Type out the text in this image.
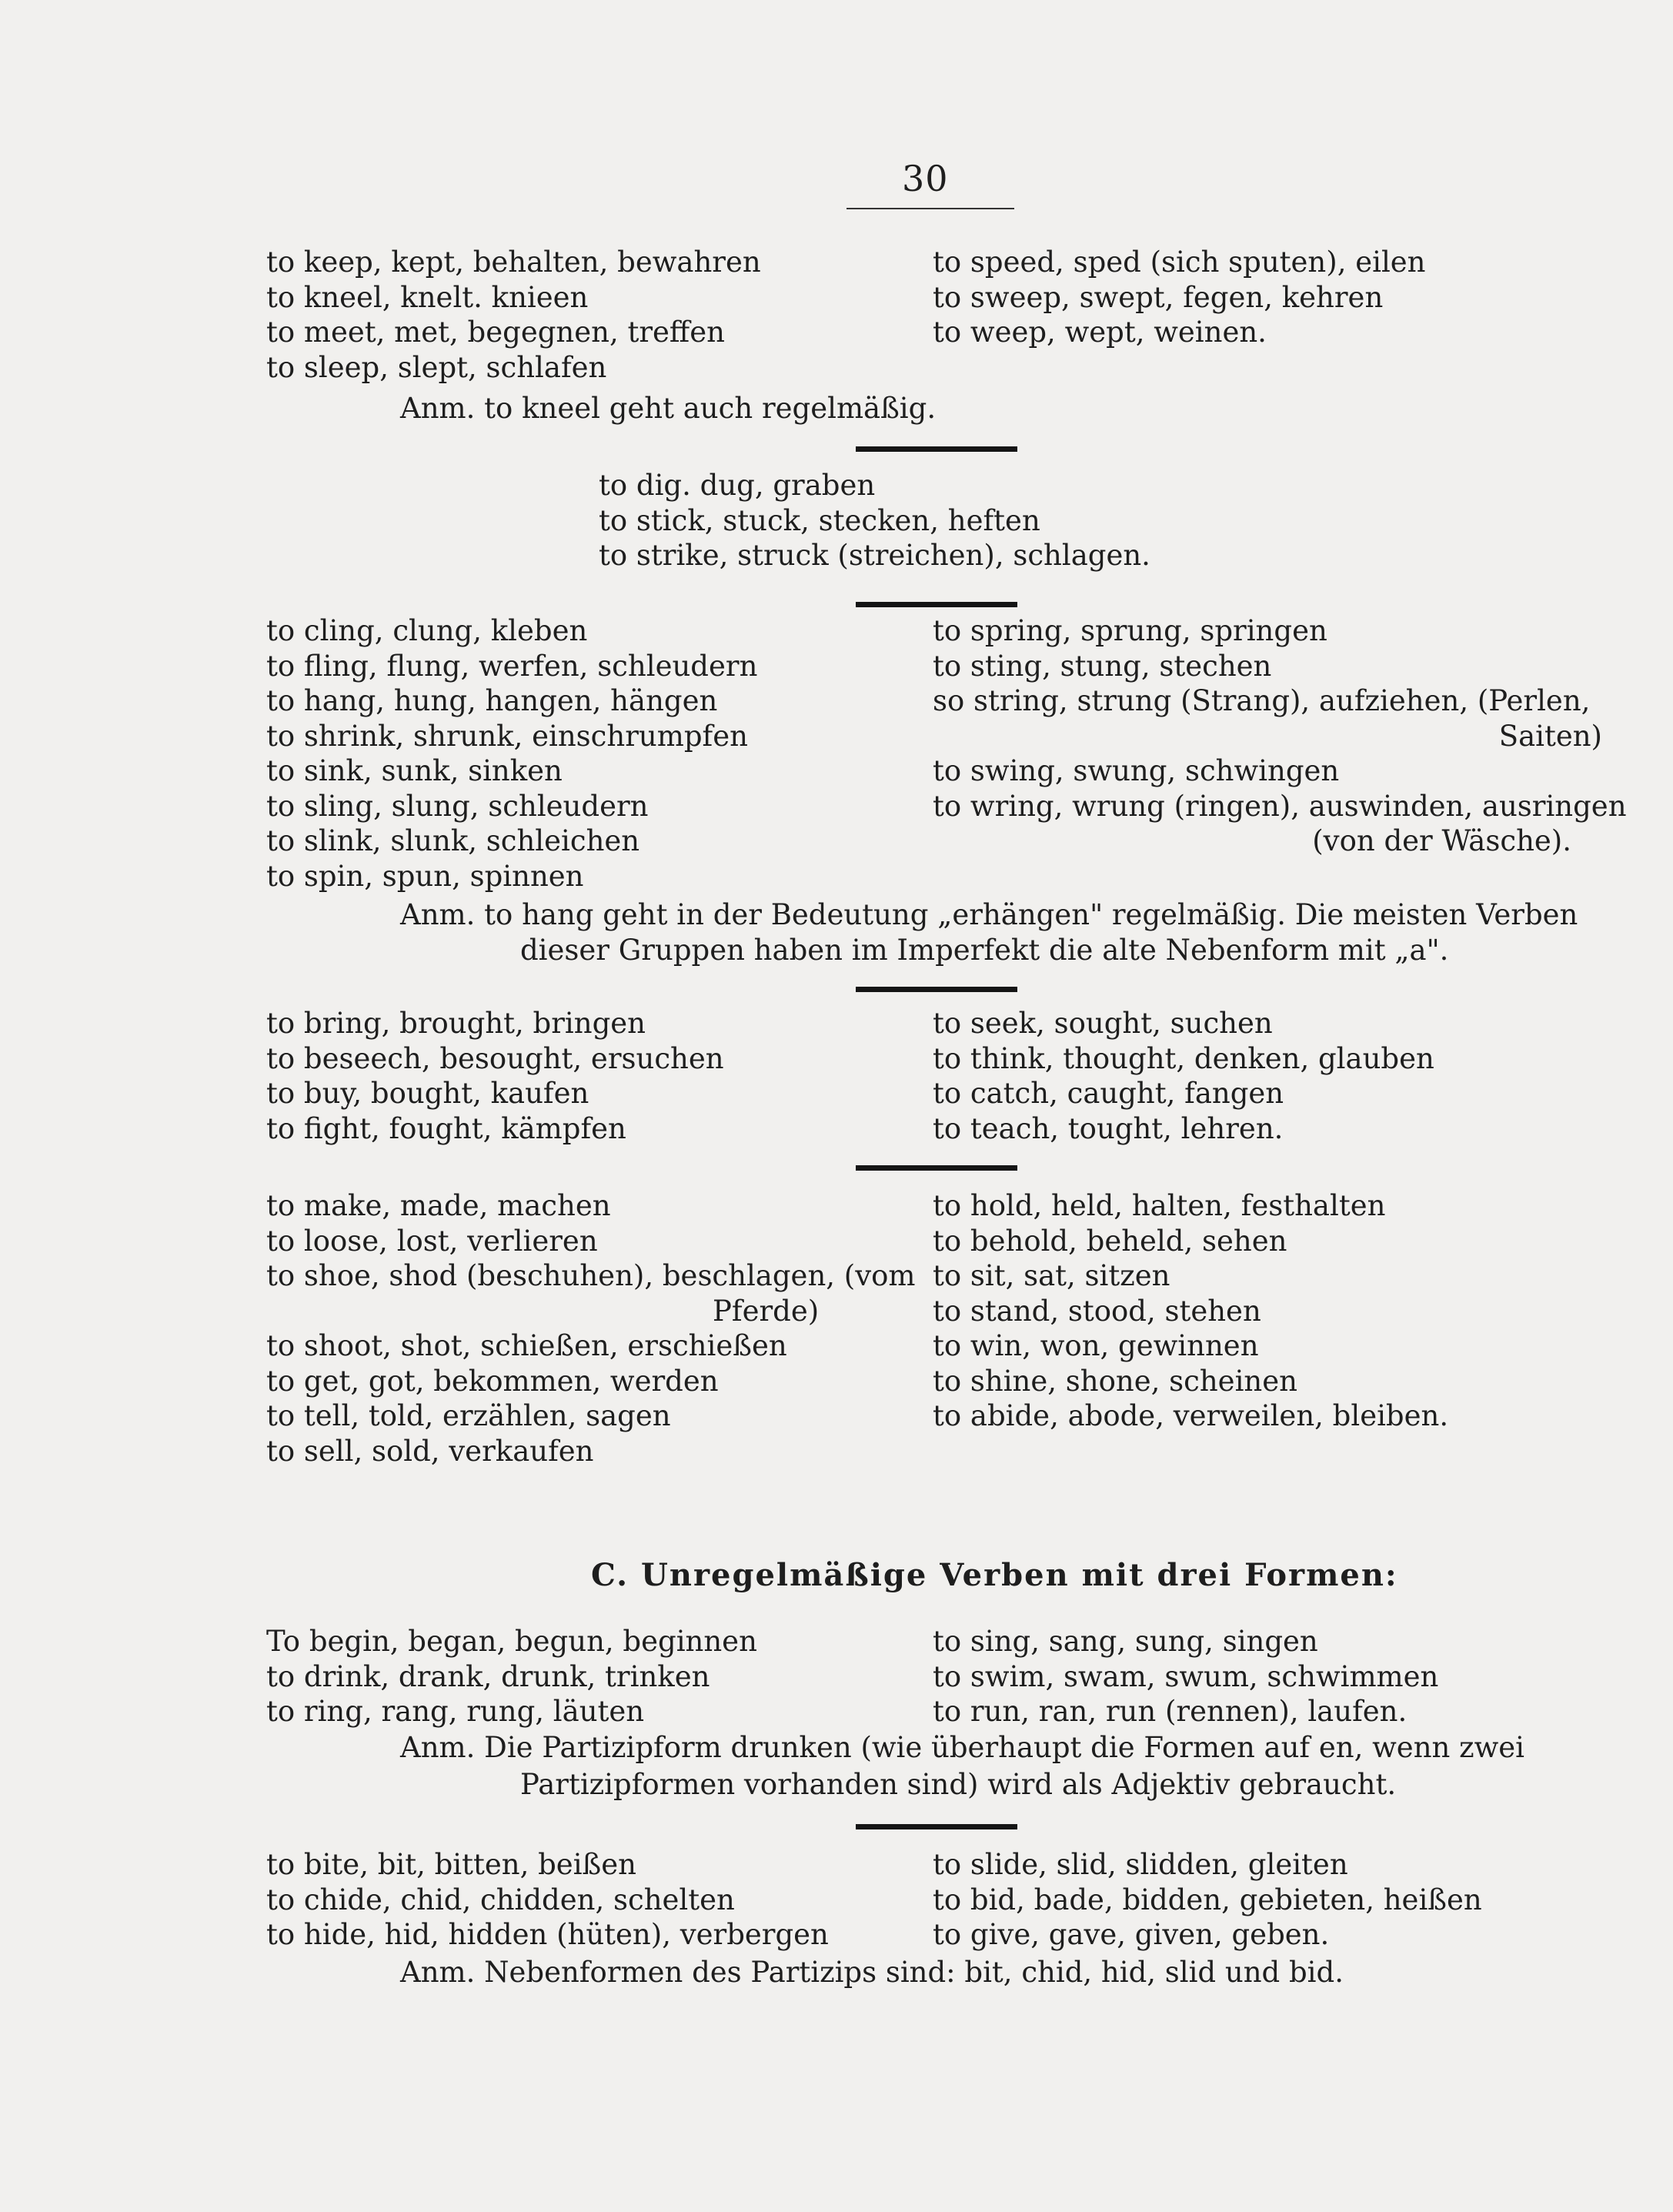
30
to keep, kept, behalten, bewahren
to kneel, knelt. knieen
to meet, met, begegnen, treffen
to sleep, slept, schlafen
to speed, sped (sich sputen), eilen
to sweep, swept, fegen, kehren
to weep, wept, weinen.
Anm. to kneel geht auch regelmäßig.
to dig. dug, graben
to stick, stuck, stecken, heften
to strike, struck (streichen), schlagen.
to cling, clung, kleben
to fling, flung, werfen, schleudern
to hang, hung, hangen, hängen
to shrink, shrunk, einschrumpfen
to sink, sunk, sinken
to sling, slung, schleudern
to slink, slunk, schleichen
to spin, spun, spinnen
to spring, sprung, springen
to sting, stung, stechen
so string, strung (Strang), aufziehen, (Perlen,
Saiten)
to swing, swung, schwingen
to wring, wrung (ringen), auswinden, ausringen
(von der Wäsche).
Anm. to hang geht in der Bedeutung „erhängen" regelmäßig. Die meisten Verben
dieser Gruppen haben im Imperfekt die alte Nebenform mit „a".
to bring, brought, bringen
to beseech, besought, ersuchen
to buy, bought, kaufen
to fight, fought, kämpfen
to seek, sought, suchen
to think, thought, denken, glauben
to catch, caught, fangen
to teach, tought, lehren.
to make, made, machen
to loose, lost, verlieren
to shoe, shod (beschuhen), beschlagen, (vom
Pferde)
to shoot, shot, schießen, erschießen
to get, got, bekommen, werden
to tell, told, erzählen, sagen
to sell, sold, verkaufen
to hold, held, halten, festhalten
to behold, beheld, sehen
to sit, sat, sitzen
to stand, stood, stehen
to win, won, gewinnen
to shine, shone, scheinen
to abide, abode, verweilen, bleiben.
C. Unregelmäßige Verben mit drei Formen:
To begin, began, begun, beginnen
to drink, drank, drunk, trinken
to ring, rang, rung, läuten
to sing, sang, sung, singen
to swim, swam, swum, schwimmen
to run, ran, run (rennen), laufen.
Anm. Die Partizipform drunken (wie überhaupt die Formen auf en, wenn zwei
Partizipformen vorhanden sind) wird als Adjektiv gebraucht.
to bite, bit, bitten, beißen
to chide, chid, chidden, schelten
to hide, hid, hidden (hüten), verbergen
to slide, slid, slidden, gleiten
to bid, bade, bidden, gebieten, heißen
to give, gave, given, geben.
Anm. Nebenformen des Partizips sind: bit, chid, hid, slid und bid.
